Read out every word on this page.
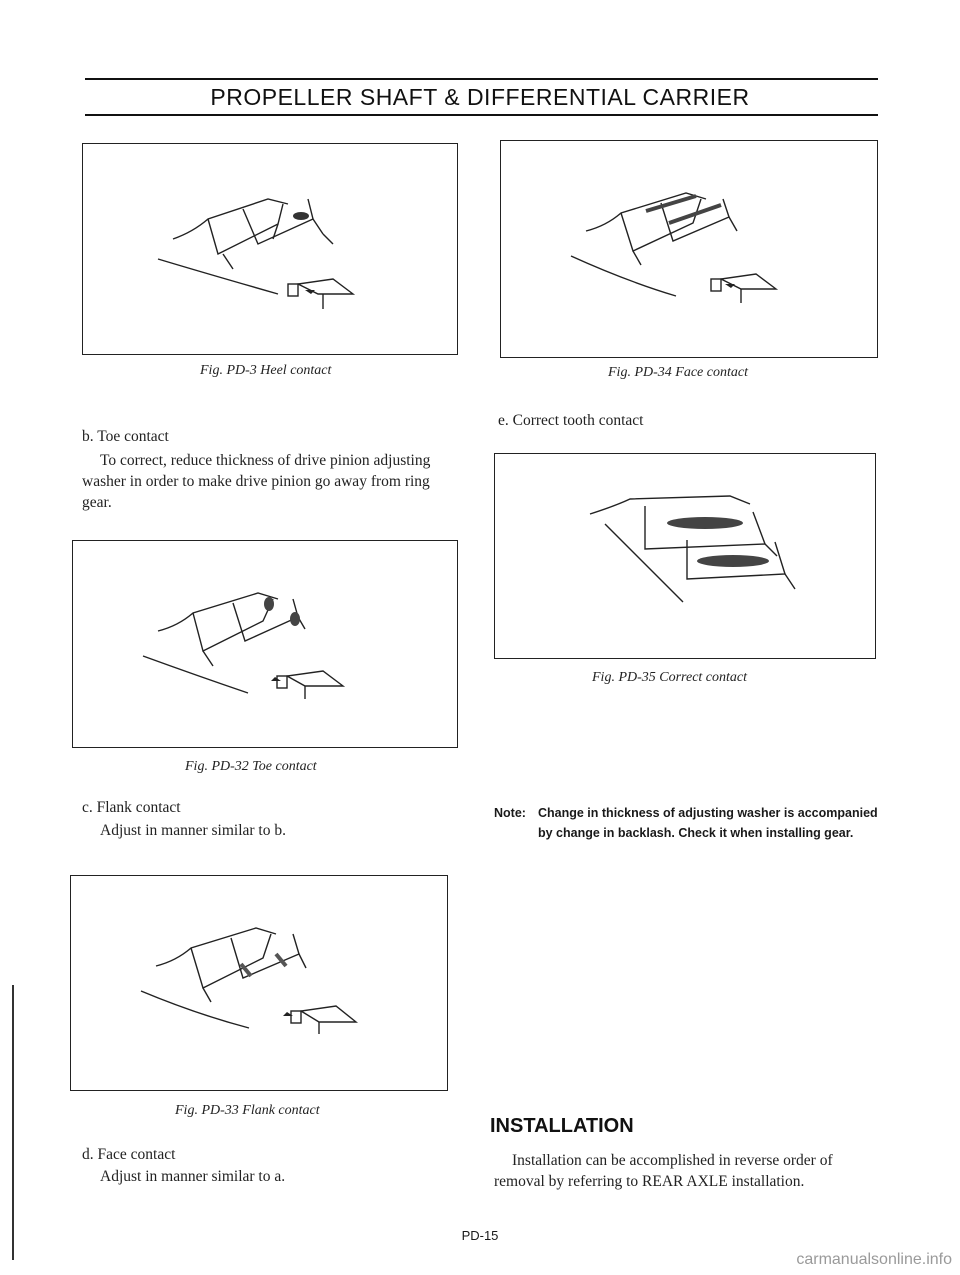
PROPELLER SHAFT & DIFFERENTIAL CARRIER
Fig. PD-3 Heel contact
b. Toe contact
To correct, reduce thickness of drive pinion adjusting washer in order to make drive pinion go away from ring gear.
Fig. PD-32 Toe contact
c. Flank contact
Adjust in manner similar to b.
Fig. PD-33 Flank contact
d. Face contact
Adjust in manner similar to a.
Fig. PD-34 Face contact
e. Correct tooth contact
Fig. PD-35 Correct contact
Note: Change in thickness of adjusting washer is accompanied by change in backlash. Check it when installing gear.
INSTALLATION
Installation can be accomplished in reverse order of removal by referring to REAR AXLE installation.
PD-15
carmanualsonline.info
